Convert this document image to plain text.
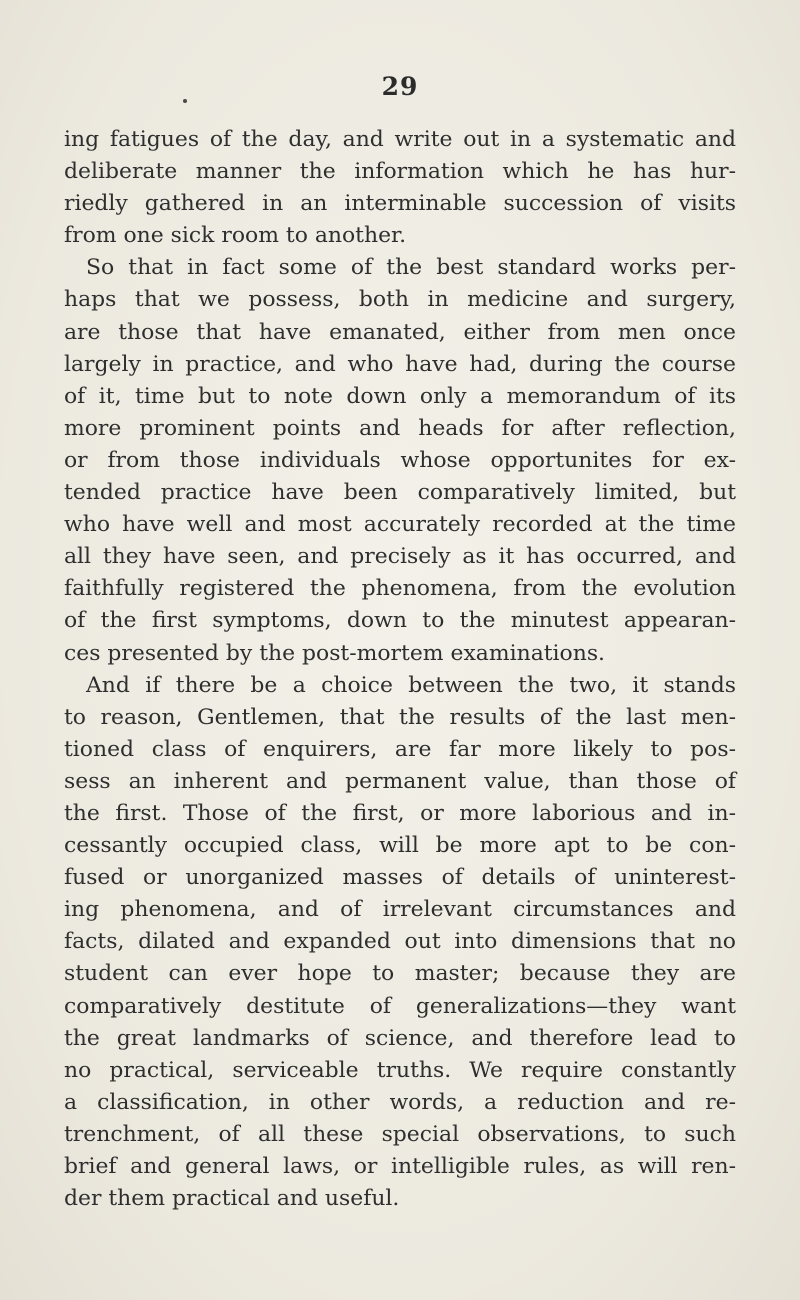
29
ing fatigues of the day, and write out in a systematic and
deliberate manner the information which he has hur-
riedly gathered in an interminable succession of visits
from one sick room to another.
So that in fact some of the best standard works per-
haps that we possess, both in medicine and surgery,
are those that have emanated, either from men once
largely in practice, and who have had, during the course
of it, time but to note down only a memorandum of its
more prominent points and heads for after reflection,
or from those individuals whose opportunites for ex-
tended practice have been comparatively limited, but
who have well and most accurately recorded at the time
all they have seen, and precisely as it has occurred, and
faithfully registered the phenomena, from the evolution
of the first symptoms, down to the minutest appearan-
ces presented by the post-mortem examinations.
And if there be a choice between the two, it stands
to reason, Gentlemen, that the results of the last men-
tioned class of enquirers, are far more likely to pos-
sess an inherent and permanent value, than those of
the first. Those of the first, or more laborious and in-
cessantly occupied class, will be more apt to be con-
fused or unorganized masses of details of uninterest-
ing phenomena, and of irrelevant circumstances and
facts, dilated and expanded out into dimensions that no
student can ever hope to master; because they are
comparatively destitute of generalizations—they want
the great landmarks of science, and therefore lead to
no practical, serviceable truths. We require constantly
a classification, in other words, a reduction and re-
trenchment, of all these special observations, to such
brief and general laws, or intelligible rules, as will ren-
der them practical and useful.
